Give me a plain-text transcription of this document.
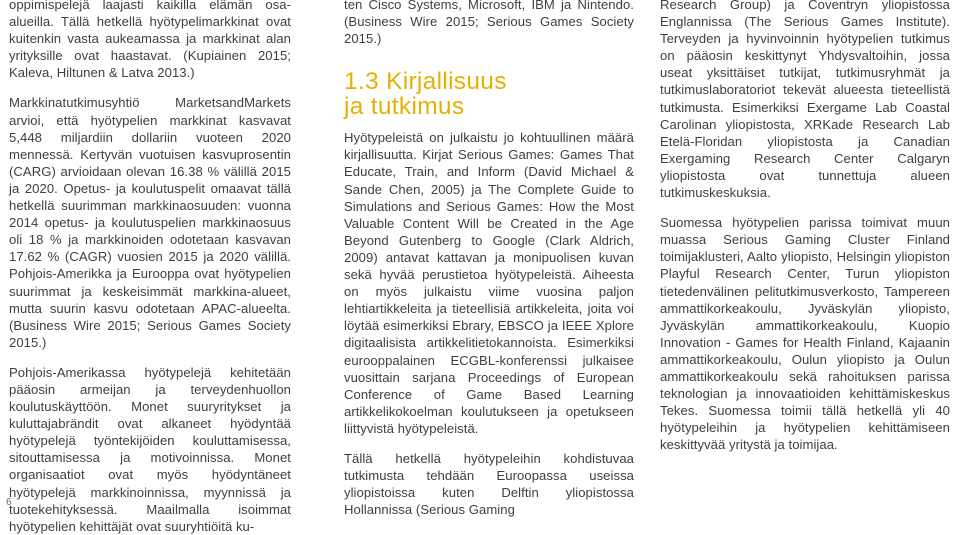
oppimispelejä laajasti kaikilla elämän osa-alueilla. Tällä hetkellä hyötypelimarkkinat ovat kuitenkin vasta aukeamassa ja markkinat alan yrityksille ovat haastavat. (Kupiainen 2015; Kaleva, Hiltunen & Latva 2013.)

Markkinatutkimusyhtiö MarketsandMarkets arvioi, että hyötypelien markkinat kasvavat 5,448 miljardiin dollariin vuoteen 2020 mennessä. Kertyvän vuotuisen kasvuprosentin (CARG) arvioidaan olevan 16.38 % välillä 2015 ja 2020. Opetus- ja koulutuspelit omaavat tällä hetkellä suurimman markkinaosuuden: vuonna 2014 opetus- ja koulutuspelien markkinaosuus oli 18 % ja markkinoiden odotetaan kasvavan 17.62 % (CAGR) vuosien 2015 ja 2020 välillä. Pohjois-Amerikka ja Eurooppa ovat hyötypelien suurimmat ja keskeisimmät markkina-alueet, mutta suurin kasvu odotetaan APAC-alueelta. (Business Wire 2015; Serious Games Society 2015.)

Pohjois-Amerikassa hyötypelejä kehitetään pääosin armeijan ja terveydenhuollon koulutuskäyttöön. Monet suuryritykset ja kuluttajabrändit ovat alkaneet hyödyntää hyötypelejä työntekijöiden kouluttamisessa, sitouttamisessa ja motivoinnissa. Monet organisaatiot ovat myös hyödyntäneet hyötypelejä markkinoinnissa, myynnissä ja tuotekehityksessä. Maailmalla isoimmat hyötypelien kehittäjät ovat suuryhtiöitä ku-

ten Cisco Systems, Microsoft, IBM ja Nintendo. (Business Wire 2015; Serious Games Society 2015.)

1.3 Kirjallisuus
ja tutkimus

Hyötypeleistä on julkaistu jo kohtuullinen määrä kirjallisuutta. Kirjat Serious Games: Games That Educate, Train, and Inform (David Michael & Sande Chen, 2005) ja The Complete Guide to Simulations and Serious Games: How the Most Valuable Content Will be Created in the Age Beyond Gutenberg to Google (Clark Aldrich, 2009) antavat kattavan ja monipuolisen kuvan sekä hyvää perustietoa hyötypeleistä. Aiheesta on myös julkaistu viime vuosina paljon lehtiartikkeleita ja tieteellisiä artikkeleita, joita voi löytää esimerkiksi Ebrary, EBSCO ja IEEE Xplore digitaalisista artikkelitietokannoista. Esimerkiksi eurooppalainen ECGBL-konferenssi julkaisee vuosittain sarjana Proceedings of European Conference of Game Based Learning artikkelikokoelman koulutukseen ja opetukseen liittyvistä hyötypeleistä.

Tällä hetkellä hyötypeleihin kohdistuvaa tutkimusta tehdään Euroopassa useissa yliopistoissa kuten Delftin yliopistossa Hollannissa (Serious Gaming

Research Group) ja Coventryn yliopistossa Englannissa (The Serious Games Institute). Terveyden ja hyvinvoinnin hyötypelien tutkimus on pääosin keskittynyt Yhdysvaltoihin, jossa useat yksittäiset tutkijat, tutkimusryhmät ja tutkimuslaboratoriot tekevät alueesta tieteellistä tutkimusta. Esimerkiksi Exergame Lab Coastal Carolinan yliopistosta, XRKade Research Lab Etelä-Floridan yliopistosta ja Canadian Exergaming Research Center Calgaryn yliopistosta ovat tunnettuja alueen tutkimuskeskuksia.

Suomessa hyötypelien parissa toimivat muun muassa Serious Gaming Cluster Finland toimijaklusteri, Aalto yliopisto, Helsingin yliopiston Playful Research Center, Turun yliopiston tietedenvälinen pelitutkimusverkosto, Tampereen ammattikorkeakoulu, Jyväskylän yliopisto, Jyväskylän ammattikorkeakoulu, Kuopio Innovation - Games for Health Finland, Kajaanin ammattikorkeakoulu, Oulun yliopisto ja Oulun ammattikorkeakoulu sekä rahoituksen parissa teknologian ja innovaatioiden kehittämiskeskus Tekes. Suomessa toimii tällä hetkellä yli 40 hyötypeleihin ja hyötypelien kehittämiseen keskittyvää yritystä ja toimijaa.

6
